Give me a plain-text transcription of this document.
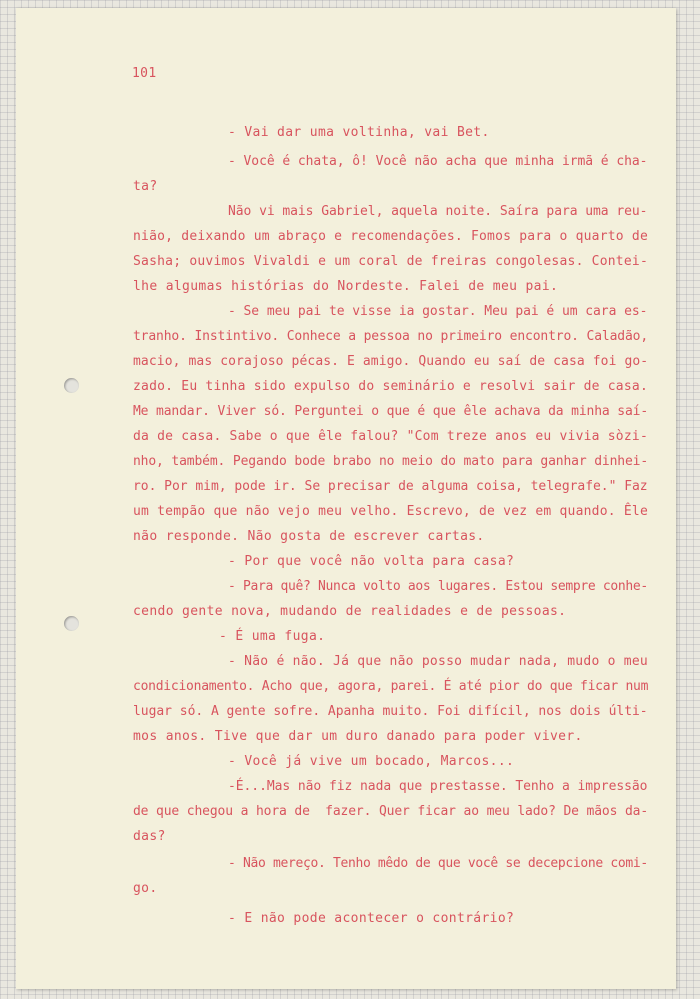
101
- Vai dar uma voltinha, vai Bet.
- Você é chata, ô! Você não acha que minha irmã é cha-
ta?
Não vi mais Gabriel, aquela noite. Saíra para uma reu-
nião, deixando um abraço e recomendações. Fomos para o quarto de
Sasha; ouvimos Vivaldi e um coral de freiras congolesas. Contei-
lhe algumas histórias do Nordeste. Falei de meu pai.
- Se meu pai te visse ia gostar. Meu pai é um cara es-
tranho. Instintivo. Conhece a pessoa no primeiro encontro. Caladão,
macio, mas corajoso pécas. E amigo. Quando eu saí de casa foi go-
zado. Eu tinha sido expulso do seminário e resolvi sair de casa.
Me mandar. Viver só. Perguntei o que é que êle achava da minha saí-
da de casa. Sabe o que êle falou? "Com treze anos eu vivia sòzi-
nho, também. Pegando bode brabo no meio do mato para ganhar dinhei-
ro. Por mim, pode ir. Se precisar de alguma coisa, telegrafe." Faz
um tempão que não vejo meu velho. Escrevo, de vez em quando. Êle
não responde. Não gosta de escrever cartas.
- Por que você não volta para casa?
- Para quê? Nunca volto aos lugares. Estou sempre conhe-
cendo gente nova, mudando de realidades e de pessoas.
- É uma fuga.
- Não é não. Já que não posso mudar nada, mudo o meu
condicionamento. Acho que, agora, parei. É até pior do que ficar num
lugar só. A gente sofre. Apanha muito. Foi difícil, nos dois últi-
mos anos. Tive que dar um duro danado para poder viver.
- Você já vive um bocado, Marcos...
-É...Mas não fiz nada que prestasse. Tenho a impressão
de que chegou a hora de  fazer. Quer ficar ao meu lado? De mãos da-
das?
- Não mereço. Tenho mêdo de que você se decepcione comi-
go.
- E não pode acontecer o contrário?
